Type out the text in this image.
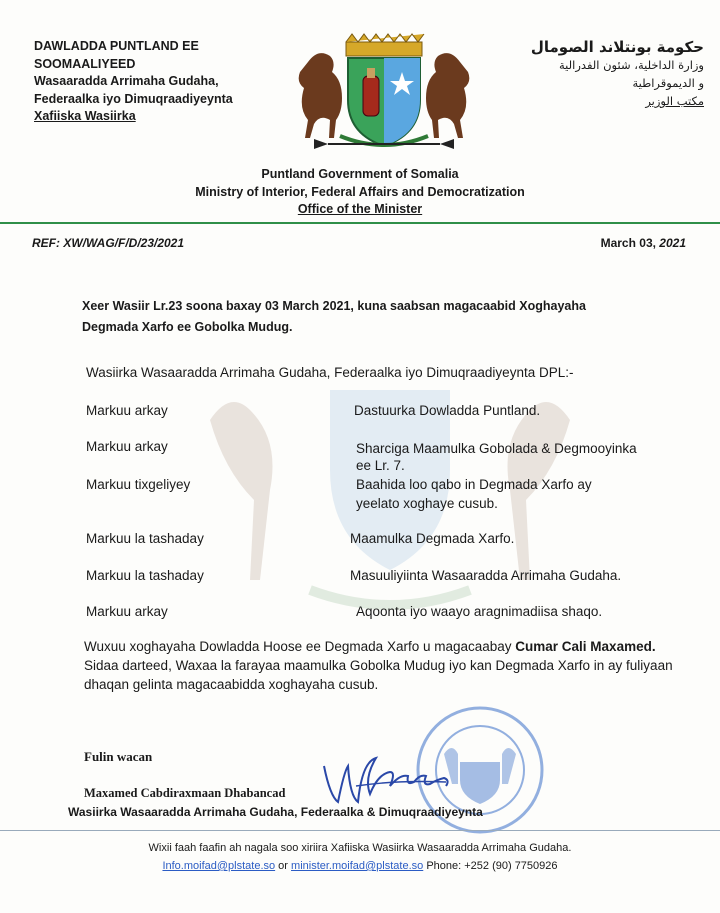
DAWLADDA PUNTLAND EE
SOOMAALIYEED
Wasaaradda Arrimaha Gudaha,
Federaalka iyo Dimuqraadiyeynta
Xafiiska Wasiirka
حكومة بونتلاند الصومال
وزارة الداخلية، شئون الفدرالية
و الديموقراطية
مكتب الوزير
Puntland Government of Somalia
Ministry of Interior, Federal Affairs and Democratization
Office of the Minister
REF: XW/WAG/F/D/23/2021	March 03, 2021
Xeer Wasiir Lr.23 soona baxay 03 March 2021, kuna saabsan magacaabid Xoghayaha
Degmada Xarfo ee Gobolka Mudug.
Wasiirka Wasaaradda Arrimaha Gudaha, Federaalka iyo Dimuqraadiyeynta DPL:-
Markuu arkay	Dastuurka Dowladda Puntland.
Markuu arkay	Sharciga Maamulka Gobolada & Degmooyinka
ee Lr. 7.
Markuu tixgeliyey	Baahida loo qabo in Degmada Xarfo ay
yeelato xoghaye cusub.
Markuu la tashaday	Maamulka Degmada Xarfo.
Markuu la tashaday	Masuuliyiinta Wasaaradda Arrimaha Gudaha.
Markuu arkay	Aqoonta iyo waayo aragnimadiisa shaqo.
Wuxuu xoghayaha Dowladda Hoose ee Degmada Xarfo u magacaabay Cumar Cali Maxamed. Sidaa darteed, Waxaa la farayaa maamulka Gobolka Mudug iyo kan Degmada Xarfo in ay fuliyaan dhaqan gelinta magacaabidda xoghayaha cusub.
Fulin wacan
Maxamed Cabdiraxmaan Dhabancad
Wasiirka Wasaaradda Arrimaha Gudaha, Federaalka & Dimuqraadiyeynta
Wixii faah faafin ah nagala soo xiriira Xafiiska Wasiirka Wasaaradda Arrimaha Gudaha.
Info.moifad@plstate.so or minister.moifad@plstate.so Phone: +252 (90) 7750926
